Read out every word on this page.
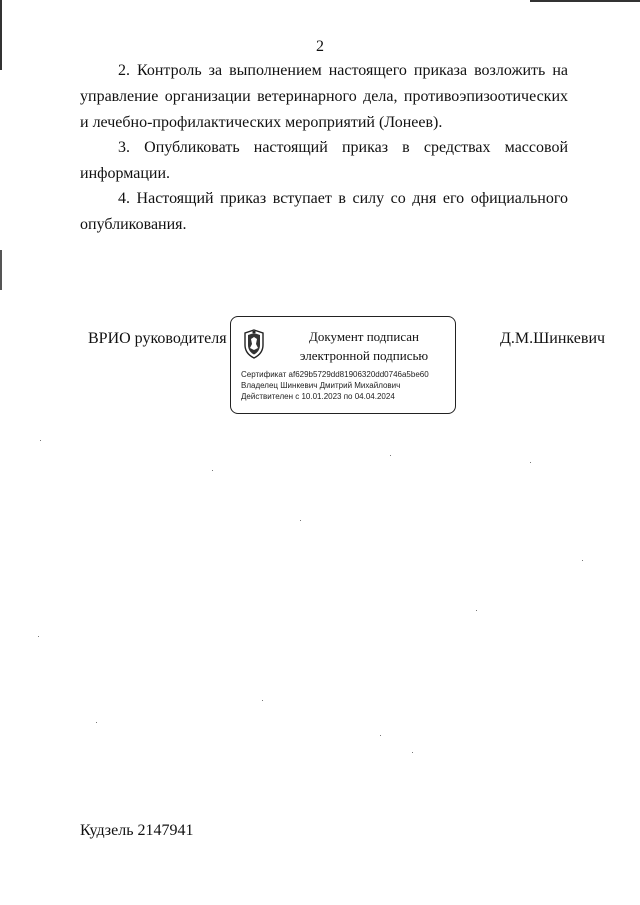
2
2. Контроль за выполнением настоящего приказа возложить на управление организации ветеринарного дела, противоэпизоотических и лечебно-профилактических мероприятий (Лонеев).
3. Опубликовать настоящий приказ в средствах массовой информации.
4. Настоящий приказ вступает в силу со дня его официального опубликования.
ВРИО руководителя	Документ подписан
электронной подписью
Сертификат af629b5729dd81906320dd0746a5be60
Владелец Шинкевич Дмитрий Михайлович
Действителен с 10.01.2023 по 04.04.2024
Д.М.Шинкевич
Кудзель 2147941
